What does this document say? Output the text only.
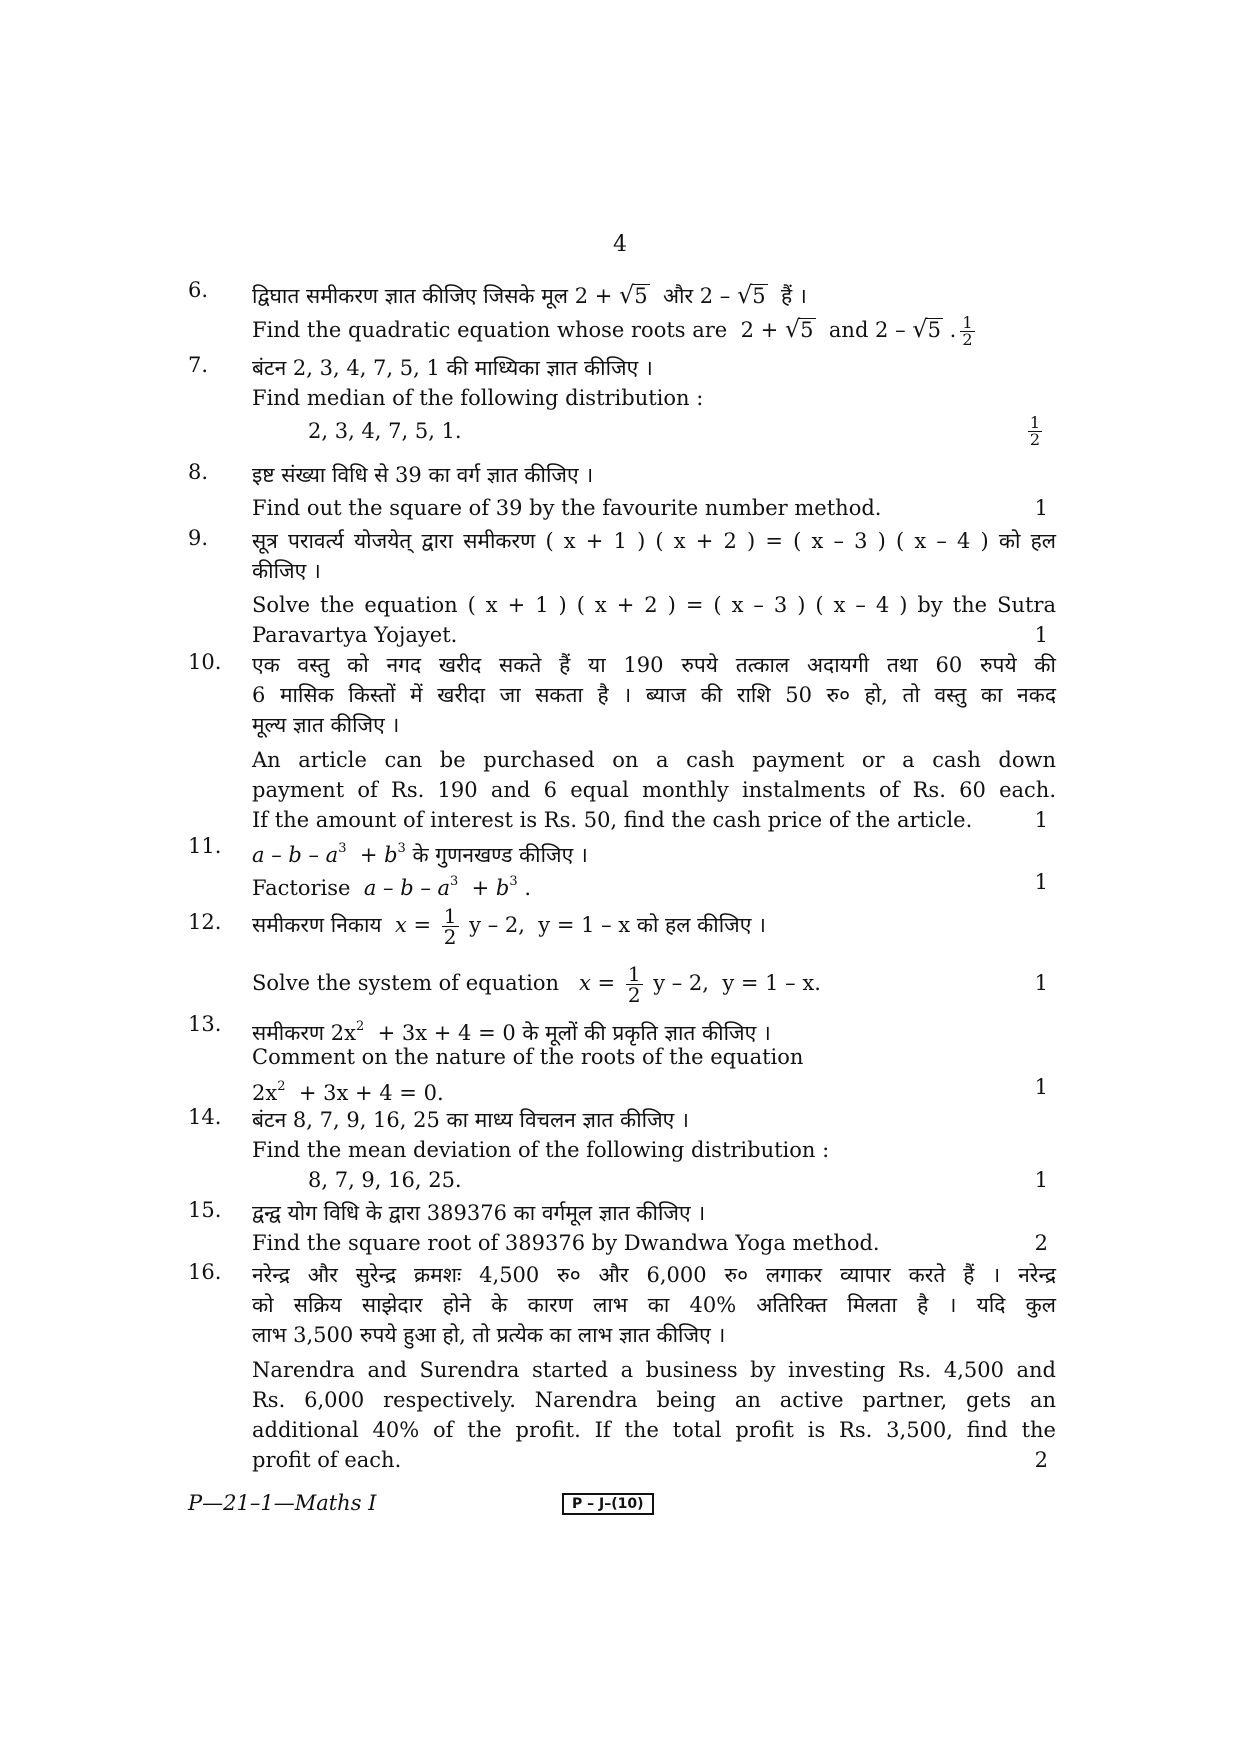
4
6.	द्विघात समीकरण ज्ञात कीजिए जिसके मूल 2 + √5  और 2 – √5  हैं ।
Find the quadratic equation whose roots are  2 + √5  and 2 – √5 . $\frac{1}{2}$
7.	बंटन 2, 3, 4, 7, 5, 1 की माध्यिका ज्ञात कीजिए ।
Find median of the following distribution :
2, 3, 4, 7, 5, 1.	$\frac{1}{2}$
8.	इष्ट संख्या विधि से 39 का वर्ग ज्ञात कीजिए ।
Find out the square of 39 by the favourite number method.	1
9.	सूत्र परावर्त्य योजयेत् द्वारा समीकरण ( x + 1 ) ( x + 2 ) = ( x – 3 ) ( x – 4 ) को हल
कीजिए ।
Solve the equation ( x + 1 ) ( x + 2 ) = ( x – 3 ) ( x – 4 ) by the Sutra
Paravartya Yojayet.	1
10.	एक वस्तु को नगद खरीद सकते हैं या 190 रुपये तत्काल अदायगी तथा 60 रुपये की
6 मासिक किस्तों में खरीदा जा सकता है । ब्याज की राशि 50 रु० हो, तो वस्तु का नकद
मूल्य ज्ञात कीजिए ।
An article can be purchased on a cash payment or a cash down
payment of Rs. 190 and 6 equal monthly instalments of Rs. 60 each.
If the amount of interest is Rs. 50, find the cash price of the article.	1
11.	$a - b - a^3 + b^3$ के गुणनखण्ड कीजिए ।
Factorise  $a - b - a^3 + b^3$ .	1
12.	समीकरण निकाय  $x = \frac{1}{2}$ y – 2,  y = 1 – x को हल कीजिए ।
Solve the system of equation   $x = \frac{1}{2}$ y – 2,  y = 1 – x.	1
13.	समीकरण $2x^2 + 3x + 4 = 0$ के मूलों की प्रकृति ज्ञात कीजिए ।
Comment on the nature of the roots of the equation
$2x^2 + 3x + 4 = 0$.	1
14.	बंटन 8, 7, 9, 16, 25 का माध्य विचलन ज्ञात कीजिए ।
Find the mean deviation of the following distribution :
8, 7, 9, 16, 25.	1
15.	द्वन्द्व योग विधि के द्वारा 389376 का वर्गमूल ज्ञात कीजिए ।
Find the square root of 389376 by Dwandwa Yoga method.	2
16.	नरेन्द्र और सुरेन्द्र क्रमशः 4,500 रु० और 6,000 रु० लगाकर व्यापार करते हैं । नरेन्द्र
को सक्रिय साझेदार होने के कारण लाभ का 40% अतिरिक्त मिलता है । यदि कुल
लाभ 3,500 रुपये हुआ हो, तो प्रत्येक का लाभ ज्ञात कीजिए ।
Narendra and Surendra started a business by investing Rs. 4,500 and
Rs. 6,000 respectively. Narendra being an active partner, gets an
additional 40% of the profit. If the total profit is Rs. 3,500, find the
profit of each.	2
P—21–1—Maths I	P – J–(10)
